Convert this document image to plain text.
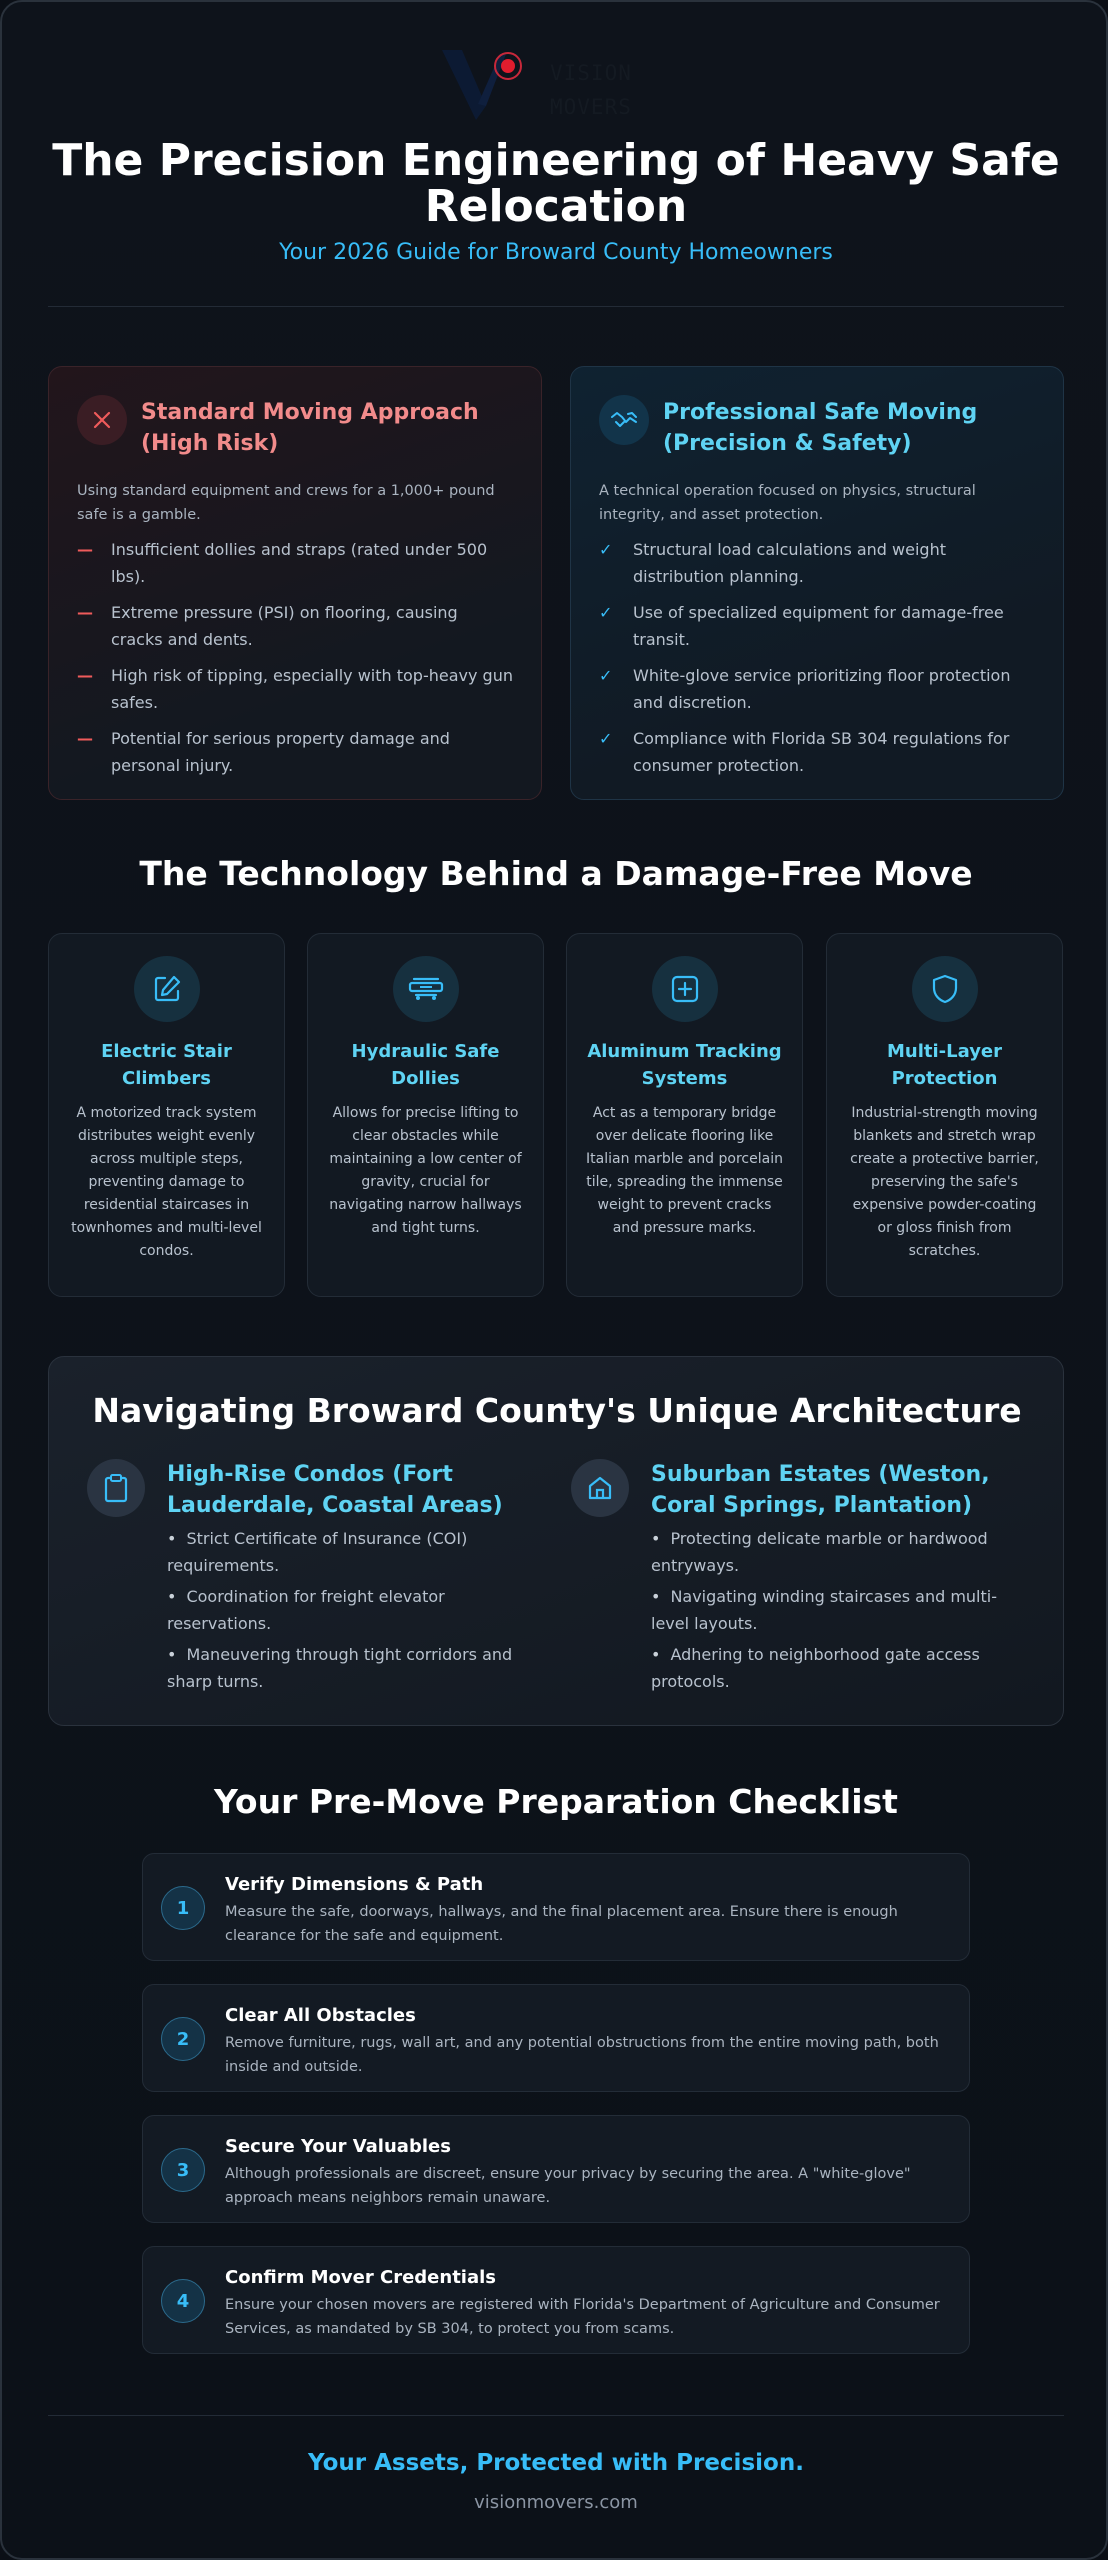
VISION
MOVERS
The Precision Engineering of Heavy Safe Relocation
Your 2026 Guide for Broward County Homeowners
Standard Moving Approach (High Risk)
Using standard equipment and crews for a 1,000+ pound safe is a gamble.
—	Insufficient dollies and straps (rated under 500 lbs).
—	Extreme pressure (PSI) on flooring, causing cracks and dents.
—	High risk of tipping, especially with top-heavy gun safes.
—	Potential for serious property damage and personal injury.
Professional Safe Moving (Precision & Safety)
A technical operation focused on physics, structural integrity, and asset protection.
✓	Structural load calculations and weight distribution planning.
✓	Use of specialized equipment for damage-free transit.
✓	White-glove service prioritizing floor protection and discretion.
✓	Compliance with Florida SB 304 regulations for consumer protection.
The Technology Behind a Damage-Free Move
Electric Stair Climbers
A motorized track system distributes weight evenly across multiple steps, preventing damage to residential staircases in townhomes and multi-level condos.
Hydraulic Safe Dollies
Allows for precise lifting to clear obstacles while maintaining a low center of gravity, crucial for navigating narrow hallways and tight turns.
Aluminum Tracking Systems
Act as a temporary bridge over delicate flooring like Italian marble and porcelain tile, spreading the immense weight to prevent cracks and pressure marks.
Multi-Layer Protection
Industrial-strength moving blankets and stretch wrap create a protective barrier, preserving the safe's expensive powder-coating or gloss finish from scratches.
Navigating Broward County's Unique Architecture
High-Rise Condos (Fort Lauderdale, Coastal Areas)
• Strict Certificate of Insurance (COI) requirements.
• Coordination for freight elevator reservations.
• Maneuvering through tight corridors and sharp turns.
Suburban Estates (Weston, Coral Springs, Plantation)
• Protecting delicate marble or hardwood entryways.
• Navigating winding staircases and multi-level layouts.
• Adhering to neighborhood gate access protocols.
Your Pre-Move Preparation Checklist
1
Verify Dimensions & Path
Measure the safe, doorways, hallways, and the final placement area. Ensure there is enough clearance for the safe and equipment.
2
Clear All Obstacles
Remove furniture, rugs, wall art, and any potential obstructions from the entire moving path, both inside and outside.
3
Secure Your Valuables
Although professionals are discreet, ensure your privacy by securing the area. A "white-glove" approach means neighbors remain unaware.
4
Confirm Mover Credentials
Ensure your chosen movers are registered with Florida's Department of Agriculture and Consumer Services, as mandated by SB 304, to protect you from scams.
Your Assets, Protected with Precision.
visionmovers.com
